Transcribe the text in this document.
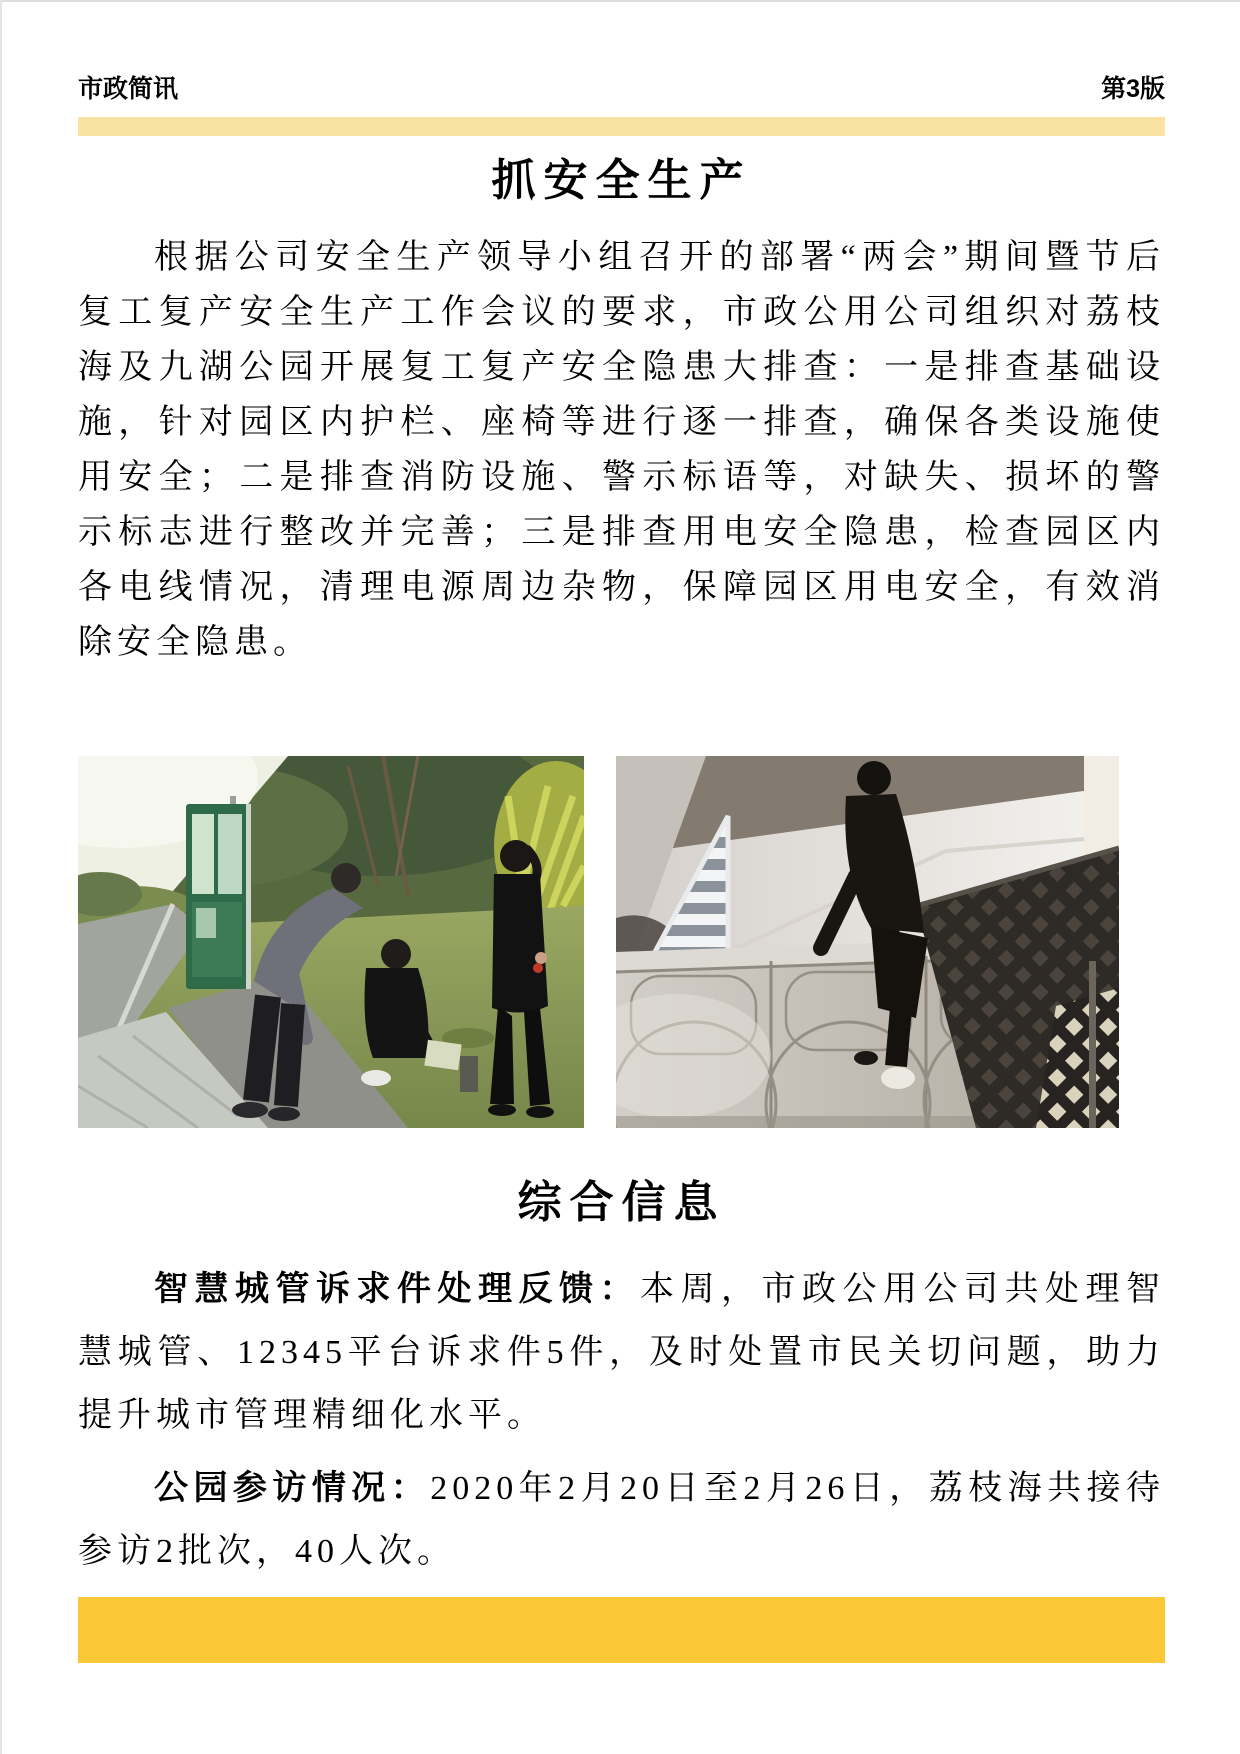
市政简讯	第3版
抓安全生产

根据公司安全生产领导小组召开的部署“两会”期间暨节后复工复产安全生产工作会议的要求，市政公用公司组织对荔枝海及九湖公园开展复工复产安全隐患大排查：一是排查基础设施，针对园区内护栏、座椅等进行逐一排查，确保各类设施使用安全；二是排查消防设施、警示标语等，对缺失、损坏的警示标志进行整改并完善；三是排查用电安全隐患，检查园区内各电线情况，清理电源周边杂物，保障园区用电安全，有效消除安全隐患。

综合信息

智慧城管诉求件处理反馈：本周，市政公用公司共处理智慧城管、12345平台诉求件5件，及时处置市民关切问题，助力提升城市管理精细化水平。

公园参访情况：2020年2月20日至2月26日，荔枝海共接待参访2批次，40人次。
